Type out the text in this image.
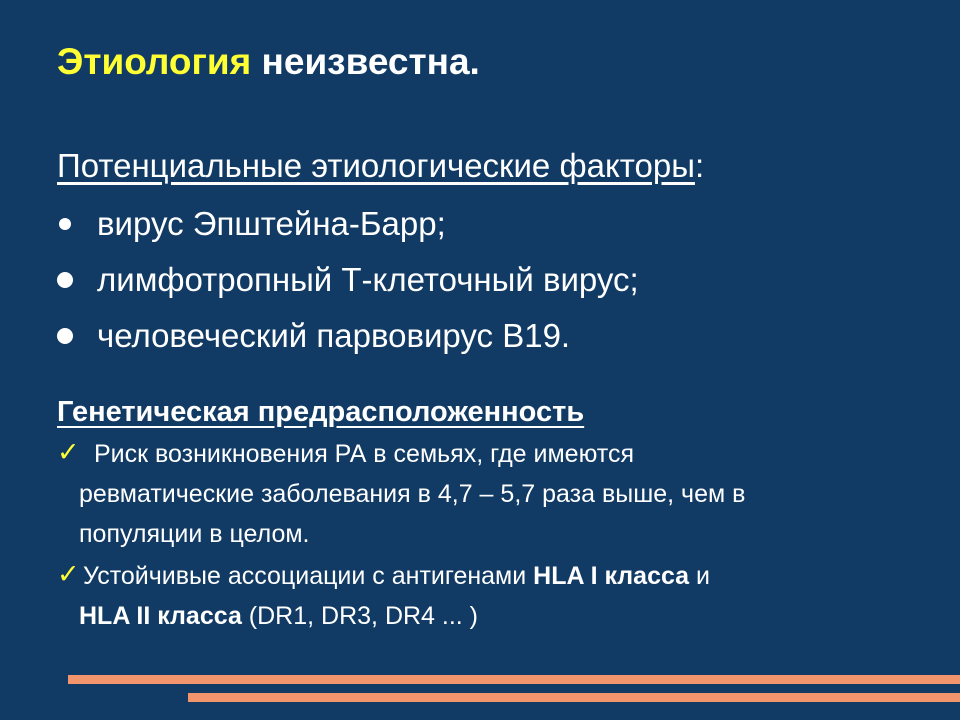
Этиология неизвестна.
Потенциальные этиологические факторы:
вирус Эпштейна-Барр;
лимфотропный Т-клеточный вирус;
человеческий парвовирус В19.
Генетическая предрасположенность
✓ Риск возникновения РА в семьях, где имеются
ревматические заболевания в 4,7 – 5,7 раза выше, чем в
популяции в целом.
✓ Устойчивые ассоциации с антигенами HLA I класса и
HLA II класса (DR1, DR3, DR4 ... )
